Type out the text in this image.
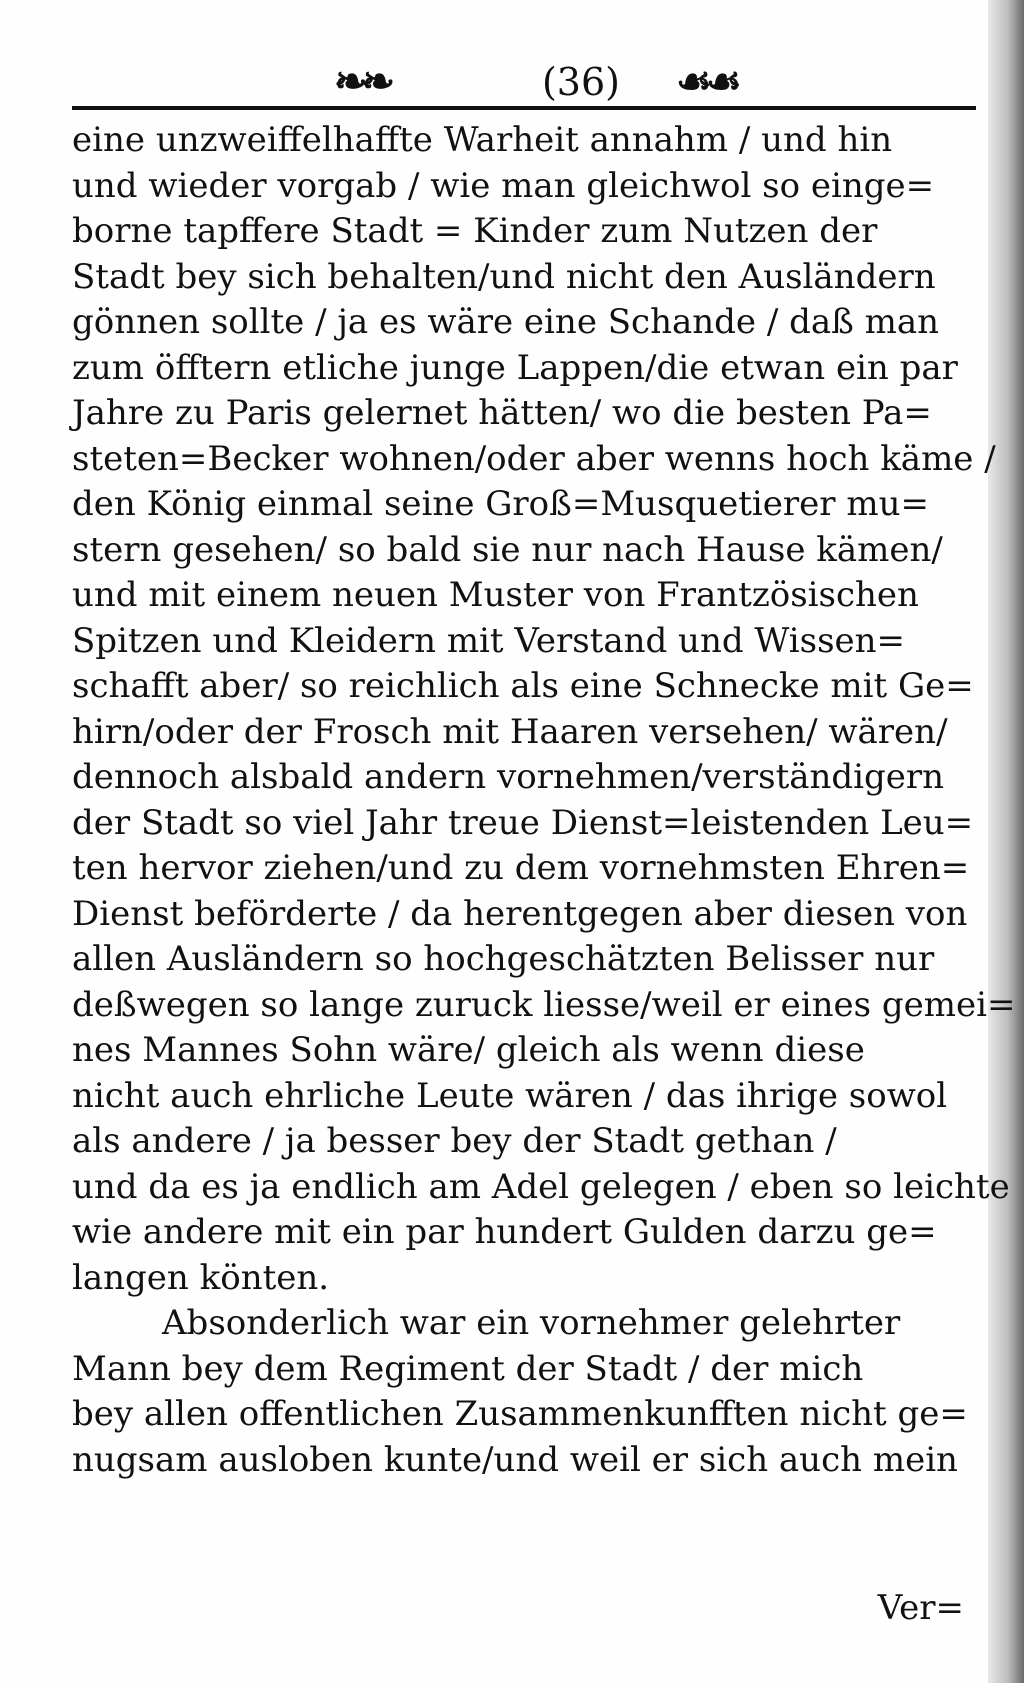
❧❧	(36)	☙☙
eine unzweiffelhaffte Warheit annahm / und hin
und wieder vorgab / wie man gleichwol so einge=
borne tapffere Stadt = Kinder zum Nutzen der
Stadt bey sich behalten/und nicht den Ausländern
gönnen sollte / ja es wäre eine Schande / daß man
zum öfftern etliche junge Lappen/die etwan ein par
Jahre zu Paris gelernet hätten/ wo die besten Pa=
steten=Becker wohnen/oder aber wenns hoch käme /
den König einmal seine Groß=Musquetierer mu=
stern gesehen/ so bald sie nur nach Hause kämen/
und mit einem neuen Muster von Frantzösischen
Spitzen und Kleidern mit Verstand und Wissen=
schafft aber/ so reichlich als eine Schnecke mit Ge=
hirn/oder der Frosch mit Haaren versehen/ wären/
dennoch alsbald andern vornehmen/verständigern
der Stadt so viel Jahr treue Dienst=leistenden Leu=
ten hervor ziehen/und zu dem vornehmsten Ehren=
Dienst beförderte / da herentgegen aber diesen von
allen Ausländern so hochgeschätzten Belisser nur
deßwegen so lange zuruck liesse/weil er eines gemei=
nes Mannes Sohn wäre/ gleich als wenn diese
nicht auch ehrliche Leute wären / das ihrige sowol
als andere / ja besser bey der Stadt gethan /
und da es ja endlich am Adel gelegen / eben so leichte
wie andere mit ein par hundert Gulden darzu ge=
langen könten.
Absonderlich war ein vornehmer gelehrter
Mann bey dem Regiment der Stadt / der mich
bey allen offentlichen Zusammenkunfften nicht ge=
nugsam ausloben kunte/und weil er sich auch mein
Ver=
